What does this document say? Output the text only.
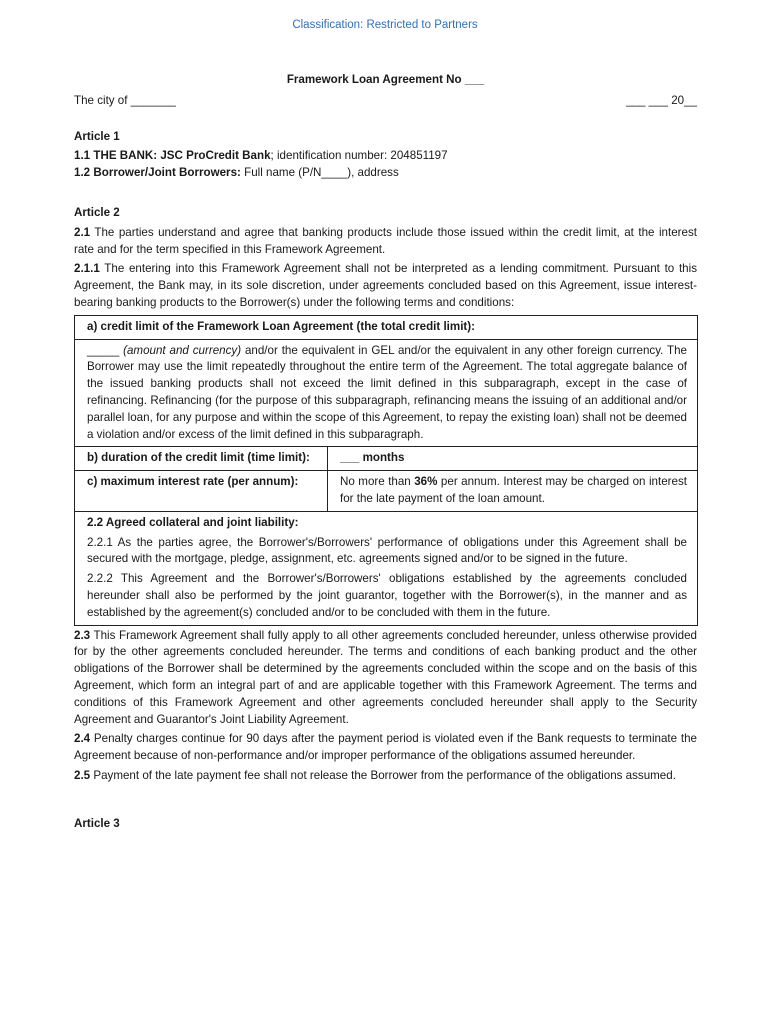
Classification: Restricted to Partners

Framework Loan Agreement No ___

The city of _______	___ ___ 20__
Article 1

1.1 THE BANK: JSC ProCredit Bank; identification number: 204851197

1.2 Borrower/Joint Borrowers: Full name (P/N____), address

Article 2

2.1 The parties understand and agree that banking products include those issued within the credit limit, at the interest rate and for the term specified in this Framework Agreement.

2.1.1 The entering into this Framework Agreement shall not be interpreted as a lending commitment. Pursuant to this Agreement, the Bank may, in its sole discretion, under agreements concluded based on this Agreement, issue interest-bearing banking products to the Borrower(s) under the following terms and conditions:

a) credit limit of the Framework Loan Agreement (the total credit limit):	
_____ (amount and currency) and/or the equivalent in GEL and/or the equivalent in any other foreign currency. The Borrower may use the limit repeatedly throughout the entire term of the Agreement. The total aggregate balance of the issued banking products shall not exceed the limit defined in this subparagraph, except in the case of refinancing. Refinancing (for the purpose of this subparagraph, refinancing means the issuing of an additional and/or parallel loan, for any purpose and within the scope of this Agreement, to repay the existing loan) shall not be deemed a violation and/or excess of the limit defined in this subparagraph.	
b) duration of the credit limit (time limit):	___ months
c) maximum interest rate (per annum):	No more than 36% per annum. Interest may be charged on interest for the late payment of the loan amount.

2.2 Agreed collateral and joint liability:

2.2.1 As the parties agree, the Borrower's/Borrowers' performance of obligations under this Agreement shall be secured with the mortgage, pledge, assignment, etc. agreements signed and/or to be signed in the future.

2.2.2 This Agreement and the Borrower's/Borrowers' obligations established by the agreements concluded hereunder shall also be performed by the joint guarantor, together with the Borrower(s), in the manner and as established by the agreement(s) concluded and/or to be concluded with them in the future.	

2.3 This Framework Agreement shall fully apply to all other agreements concluded hereunder, unless otherwise provided for by the other agreements concluded hereunder. The terms and conditions of each banking product and the other obligations of the Borrower shall be determined by the agreements concluded within the scope and on the basis of this Agreement, which form an integral part of and are applicable together with this Framework Agreement. The terms and conditions of this Framework Agreement and other agreements concluded hereunder shall apply to the Security Agreement and Guarantor's Joint Liability Agreement.

2.4 Penalty charges continue for 90 days after the payment period is violated even if the Bank requests to terminate the Agreement because of non-performance and/or improper performance of the obligations assumed hereunder.

2.5 Payment of the late payment fee shall not release the Borrower from the performance of the obligations assumed.

Article 3
